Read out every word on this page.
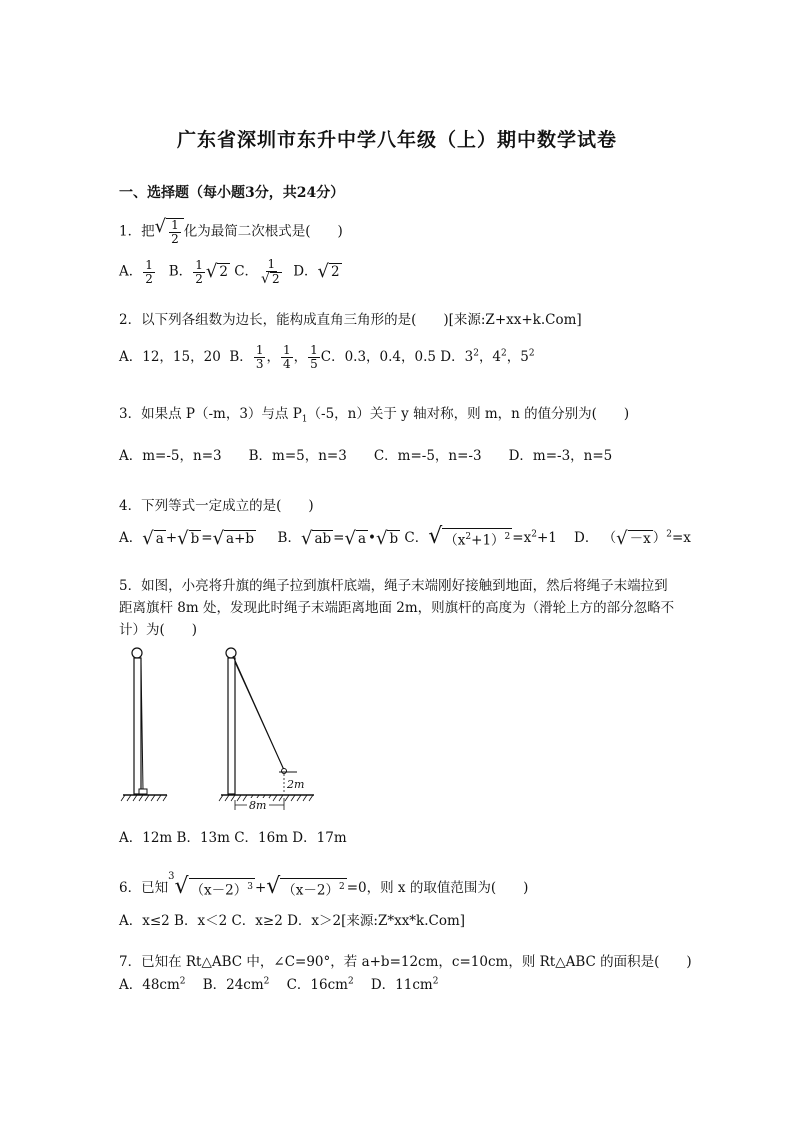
广东省深圳市东升中学八年级（上）期中数学试卷
一、选择题（每小题3分，共24分）
1．把 √ $\frac{1}{2}$ 化为最简二次根式是(　　)
A． $\frac{1}{2}$ B． $\frac{1}{2}$ √ 2 C． $\frac{1}{√ 2}$ D． √ 2
2．以下列各组数为边长，能构成直角三角形的是(　　)[来源:Z+xx+k.Com]
A．12，15，20 B． $\frac{1}{3}$ ， $\frac{1}{4}$ ， $\frac{1}{5}$ C．0.3，0.4，0.5 D．$3^2$，$4^2$，$5^2$
3．如果点 P（-m，3）与点 $P_1(-5$，n）关于 y 轴对称，则 m，n 的值分别为(　　)
A．m=-5，n=3　　B．m=5，n=3　　C．m=-5，n=-3　　D．m=-3，n=5
4．下列等式一定成立的是(　　)
A． √ a + √ b = √ a+b B． √ ab = √ a • √ b C． √ $(x^2+1)^2 =x^2+1$ D． （ √ －x ）$^2$=x
5．如图，小亮将升旗的绳子拉到旗杆底端，绳子末端刚好接触到地面，然后将绳子末端拉到距离旗杆 8m 处，发现此时绳子末端距离地面 2m，则旗杆的高度为（滑轮上方的部分忽略不计）为(　　)
8m
2m
A．12m B．13m C．16m D．17m
6．已知$^3$ √ $(x-2)^3$ + √ $(x-2)^2 =0$，则 x 的取值范围为(　　)
A．x≤2 B．x＜2 C．x≥2 D．x＞2[来源:Z*xx*k.Com]
7．已知在 Rt△ABC 中，∠C=90°，若 a+b=12cm，c=10cm，则 Rt△ABC 的面积是(　　)
A．$48cm^2$ B．$24cm^2$ C．$16cm^2$ D．$11cm^2$
